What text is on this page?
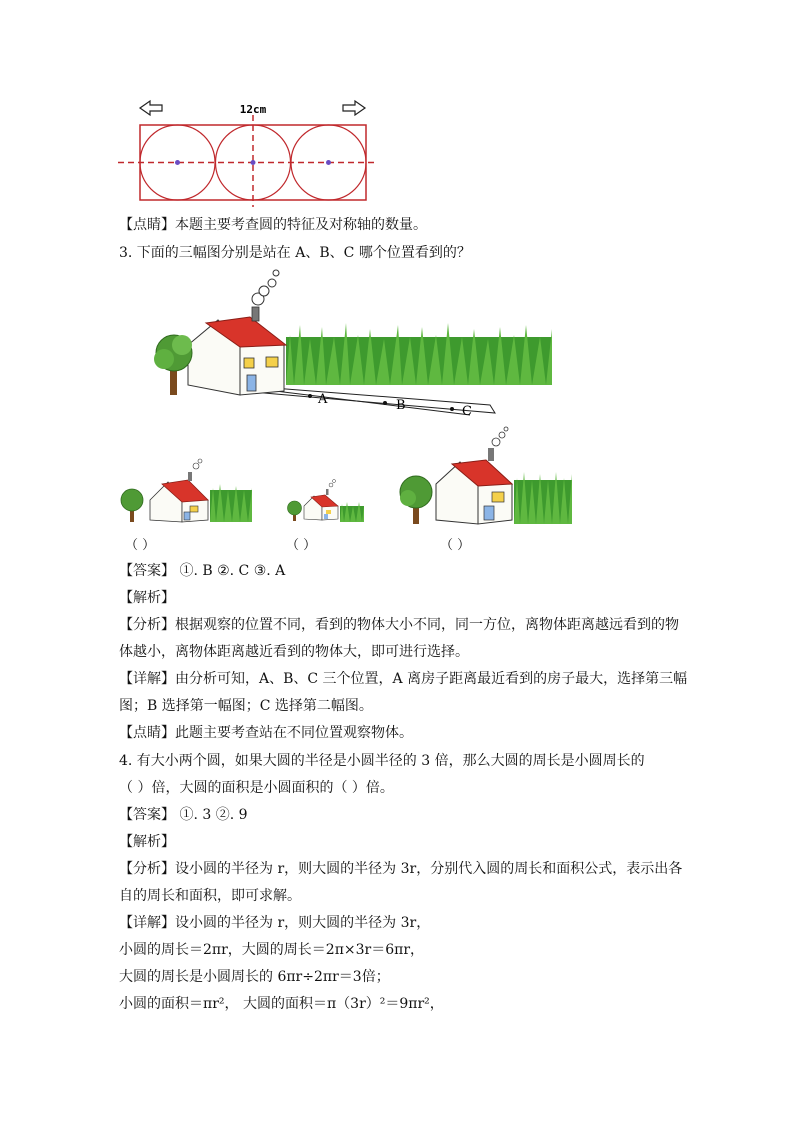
12cm
【点睛】本题主要考查圆的特征及对称轴的数量。
3. 下面的三幅图分别是站在 A、B、C 哪个位置看到的？
A	B	C
（ ）	（ ）	（ ）
【答案】 ①. B ②. C ③. A
【解析】
【分析】根据观察的位置不同，看到的物体大小不同，同一方位，离物体距离越远看到的物
体越小，离物体距离越近看到的物体大，即可进行选择。
【详解】由分析可知，A、B、C 三个位置，A 离房子距离最近看到的房子最大，选择第三幅
图；B 选择第一幅图；C 选择第二幅图。
【点睛】此题主要考查站在不同位置观察物体。
4. 有大小两个圆，如果大圆的半径是小圆半径的 3 倍，那么大圆的周长是小圆周长的
（ ）倍，大圆的面积是小圆面积的（ ）倍。
【答案】 ①. 3 ②. 9
【解析】
【分析】设小圆的半径为 r，则大圆的半径为 3r，分别代入圆的周长和面积公式，表示出各
自的周长和面积，即可求解。
【详解】设小圆的半径为 r，则大圆的半径为 3r，
小圆的周长＝2πr，大圆的周长＝2π×3r＝6πr，
大圆的周长是小圆周长的 6πr÷2πr＝3倍；
小圆的面积＝πr²， 大圆的面积＝π（3r）²＝9πr²，
